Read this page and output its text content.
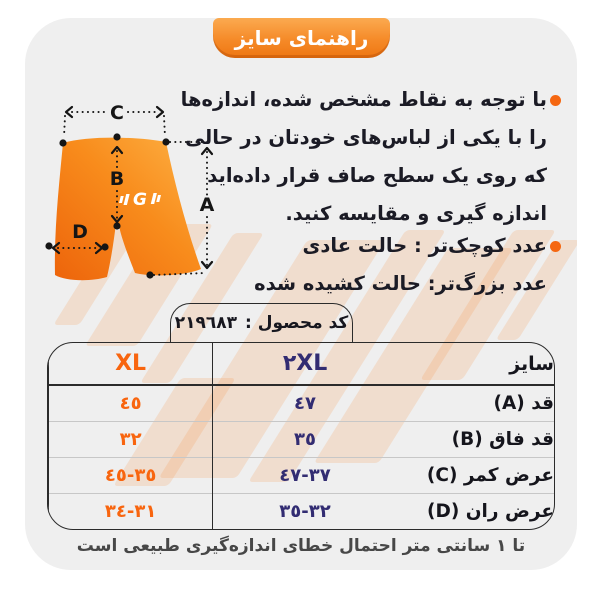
راهنمای سایز
G
C
B
A
D
با توجه به نقاط مشخص شده، اندازه‌ها
را با یکی از لباس‌های خودتان در حالی
که روی یک سطح صاف قرار داده‌اید
اندازه گیری و مقایسه کنید.
عدد کوچک‌تر : حالت عادی
عدد بزرگ‌تر: حالت کشیده شده
کد محصول :
٢١٩٦٨٣
سایز	٢XL	XL
قد (A)	٤٧	٤٥
قد فاق (B)	٣٥	٣٢
عرض کمر (C)	٣٧-٤٧	٣٥-٤٥
عرض ران (D)	٣٢-٣٥	٣١-٣٤
تا ١ سانتی متر احتمال خطای اندازه‌گیری طبیعی است
